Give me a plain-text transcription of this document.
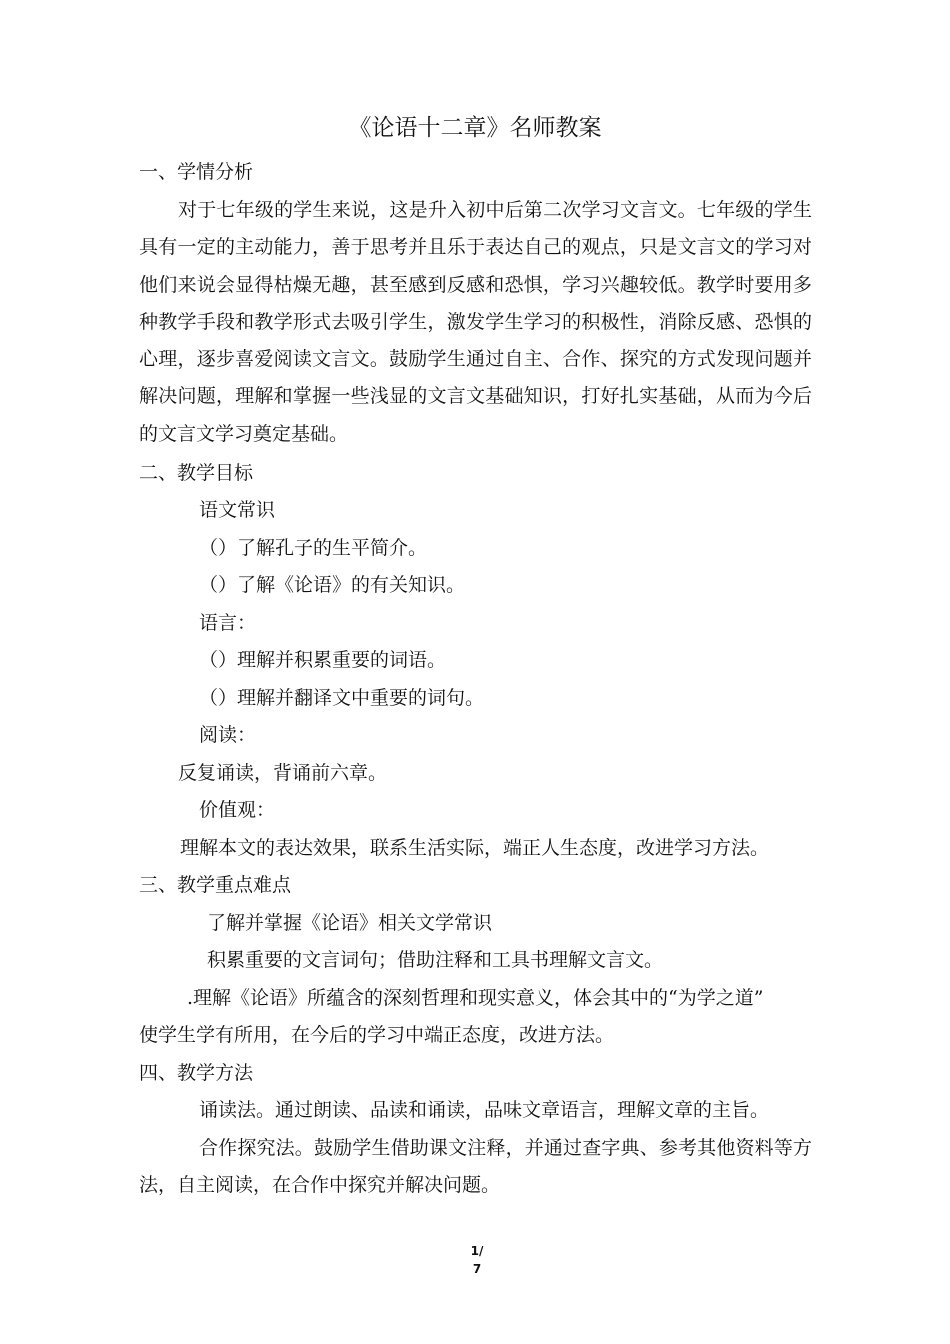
《论语十二章》名师教案
一、学情分析
对于七年级的学生来说，这是升入初中后第二次学习文言文。七年级的学生具有一定的主动能力，善于思考并且乐于表达自己的观点，只是文言文的学习对他们来说会显得枯燥无趣，甚至感到反感和恐惧，学习兴趣较低。教学时要用多种教学手段和教学形式去吸引学生，激发学生学习的积极性，消除反感、恐惧的心理，逐步喜爱阅读文言文。鼓励学生通过自主、合作、探究的方式发现问题并解决问题，理解和掌握一些浅显的文言文基础知识，打好扎实基础，从而为今后的文言文学习奠定基础。
二、教学目标
语文常识
（）了解孔子的生平简介。
（）了解《论语》的有关知识。
语言：
（）理解并积累重要的词语。
（）理解并翻译文中重要的词句。
阅读：
反复诵读，背诵前六章。
价值观：
理解本文的表达效果，联系生活实际，端正人生态度，改进学习方法。
三、教学重点难点
了解并掌握《论语》相关文学常识
积累重要的文言词句；借助注释和工具书理解文言文。
.理解《论语》所蕴含的深刻哲理和现实意义，体会其中的“为学之道”
使学生学有所用，在今后的学习中端正态度，改进方法。
四、教学方法
诵读法。通过朗读、品读和诵读，品味文章语言，理解文章的主旨。
合作探究法。鼓励学生借助课文注释，并通过查字典、参考其他资料等方法，自主阅读，在合作中探究并解决问题。
1/
7
